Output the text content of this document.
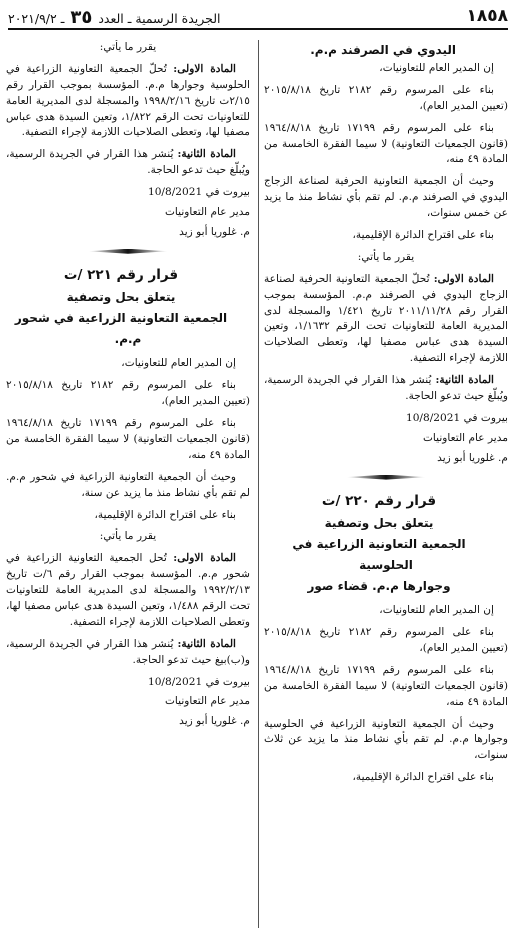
١٨٥٨
الجريدة الرسمية ـ العدد ٣٥ ـ ٢٠٢١/٩/٢

اليدوي في الصرفند م.م.

إن المدير العام للتعاونيات،

بناء على المرسوم رقم ٢١٨٢ تاريخ ٢٠١٥/٨/١٨ (تعيين المدير العام)،

بناء على المرسوم رقم ١٧١٩٩ تاريخ ١٩٦٤/٨/١٨ (قانون الجمعيات التعاونية) لا سيما الفقرة الخامسة من المادة ٤٩ منه،

وحيث أن الجمعية التعاونية الحرفية لصناعة الزجاج اليدوي في الصرفند م.م. لم تقم بأي نشاط منذ ما يزيد عن خمس سنوات،

بناء على اقتراح الدائرة الإقليمية،

يقرر ما يأتي:

المادة الاولى: تُحلّ الجمعية التعاونية الحرفية لصناعة الزجاج اليدوي في الصرفند م.م. المؤسسة بموجب القرار رقم ٢٠١١/١١/٢٨ تاريخ ١/٤٢١ والمسجلة لدى المديرية العامة للتعاونيات تحت الرقم ١/١٦٣٢، وتعين السيدة هدى عباس مصفيا لها، وتعطى الصلاحيات اللازمة لإجراء التصفية.

المادة الثانية: يُنشر هذا القرار في الجريدة الرسمية، ويُبلّغ حيث تدعو الحاجة.

بيروت في 10/8/2021

مدير عام التعاونيات

م. غلوريا أبو زيد

قرار رقم ٢٢٠ /ت

يتعلق بحل وتصفية

الجمعية التعاونية الزراعية في الحلوسية

وجوارها م.م. قضاء صور

إن المدير العام للتعاونيات،

بناء على المرسوم رقم ٢١٨٢ تاريخ ٢٠١٥/٨/١٨ (تعيين المدير العام)،

بناء على المرسوم رقم ١٧١٩٩ تاريخ ١٩٦٤/٨/١٨ (قانون الجمعيات التعاونية) لا سيما الفقرة الخامسة من المادة ٤٩ منه،

وحيث أن الجمعية التعاونية الزراعية في الحلوسية وجوارها م.م. لم تقم بأي نشاط منذ ما يزيد عن ثلاث سنوات،

بناء على اقتراح الدائرة الإقليمية،

يقرر ما يأتي:

المادة الاولى: تُحلّ الجمعية التعاونية الزراعية في الحلوسية وجوارها م.م. المؤسسة بموجب القرار رقم ٢/١٥ت تاريخ ١٩٩٨/٢/١٦ والمسجلة لدى المديرية العامة للتعاونيات تحت الرقم ١/٨٢٢، وتعين السيدة هدى عباس مصفيا لها، وتعطى الصلاحيات اللازمة لإجراء التصفية.

المادة الثانية: يُنشر هذا القرار في الجريدة الرسمية، ويُبلّغ حيث تدعو الحاجة.

بيروت في 10/8/2021

مدير عام التعاونيات

م. غلوريا أبو زيد

قرار رقم ٢٢١ /ت

يتعلق بحل وتصفية

الجمعية التعاونية الزراعية في شحور م.م.

إن المدير العام للتعاونيات،

بناء على المرسوم رقم ٢١٨٢ تاريخ ٢٠١٥/٨/١٨ (تعيين المدير العام)،

بناء على المرسوم رقم ١٧١٩٩ تاريخ ١٩٦٤/٨/١٨ (قانون الجمعيات التعاونية) لا سيما الفقرة الخامسة من المادة ٤٩ منه،

وحيث أن الجمعية التعاونية الزراعية في شحور م.م. لم تقم بأي نشاط منذ ما يزيد عن سنة،

بناء على اقتراح الدائرة الإقليمية،

يقرر ما يأتي:

المادة الاولى: تُحل الجمعية التعاونية الزراعية في شحور م.م. المؤسسة بموجب القرار رقم ٦/ت تاريخ ١٩٩٢/٢/١٣ والمسجلة لدى المديرية العامة للتعاونيات تحت الرقم ١/٤٨٨، وتعين السيدة هدى عباس مصفيا لها، وتعطى الصلاحيات اللازمة لإجراء التصفية.

المادة الثانية: يُنشر هذا القرار في الجريدة الرسمية، و(ب)بيغ حيث تدعو الحاجة.

بيروت في 10/8/2021

مدير عام التعاونيات

م. غلوريا أبو زيد
